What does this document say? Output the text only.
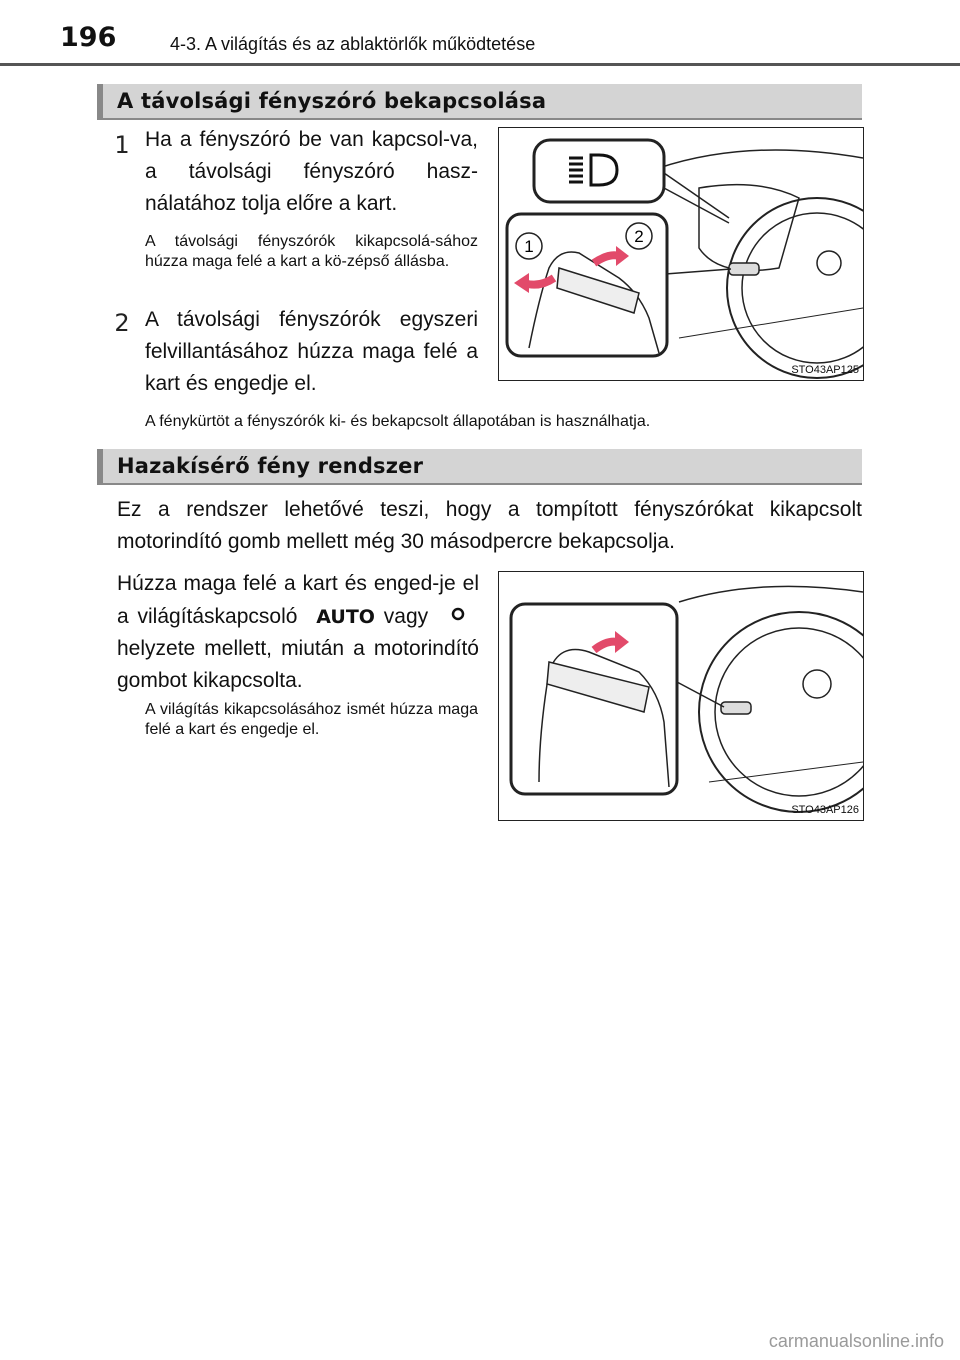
196	4-3. A világítás és az ablaktörlők működtetése
A távolsági fényszóró bekapcsolása
1 Ha a fényszóró be van kapcsol-va, a távolsági fényszóró hasz-nálatához tolja előre a kart.
A távolsági fényszórók kikapcsolá-sához húzza maga felé a kart a kö-zépső állásba.
2 A távolsági fényszórók egyszeri felvillantásához húzza maga felé a kart és engedje el.
1
2
STO43AP125
A fénykürtöt a fényszórók ki- és bekapcsolt állapotában is használhatja.
Hazakísérő fény rendszer
Ez a rendszer lehetővé teszi, hogy a tompított fényszórókat kikapcsolt motorindító gomb mellett még 30 másodpercre bekapcsolja.
Húzza maga felé a kart és enged-je el a világításkapcsoló AUTO vagy  helyzete mellett, miután a motorindító gombot kikapcsolta.
A világítás kikapcsolásához ismét húzza maga felé a kart és engedje el.
STO43AP126
carmanualsonline.info
